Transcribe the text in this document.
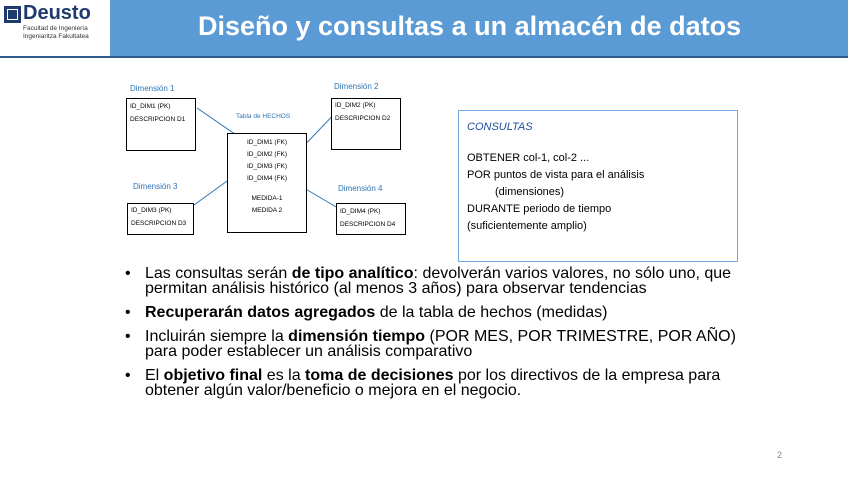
Deusto
Facultad de Ingeniería
Ingeniaritza Fakultatea	Diseño y consultas a un almacén de datos
Dimensión 1
ID_DIM1 (PK)
DESCRIPCION D1
Dimensión 2
ID_DIM2 (PK)
DESCRIPCION D2
Tabla de HECHOS
ID_DIM1 (FK)
ID_DIM2 (FK)
ID_DIM3 (FK)
ID_DIM4 (FK)
MEDIDA-1
MEDIDA 2
Dimensión 3
ID_DIM3 (PK)
DESCRIPCION D3
Dimensión 4
ID_DIM4 (PK)
DESCRIPCION D4
CONSULTAS
OBTENER col-1, col-2 ...
POR puntos de vista para el análisis
(dimensiones)
DURANTE periodo de tiempo
(suficientemente amplio)
• Las consultas serán de tipo analítico: devolverán varios valores, no sólo uno, que permitan análisis histórico (al menos 3 años) para observar tendencias
• Recuperarán datos agregados de la tabla de hechos (medidas)
• Incluirán siempre la dimensión tiempo (POR MES, POR TRIMESTRE, POR AÑO) para poder establecer un análisis comparativo
• El objetivo final es la toma de decisiones por los directivos de la empresa para obtener algún valor/beneficio o mejora en el negocio.
2
